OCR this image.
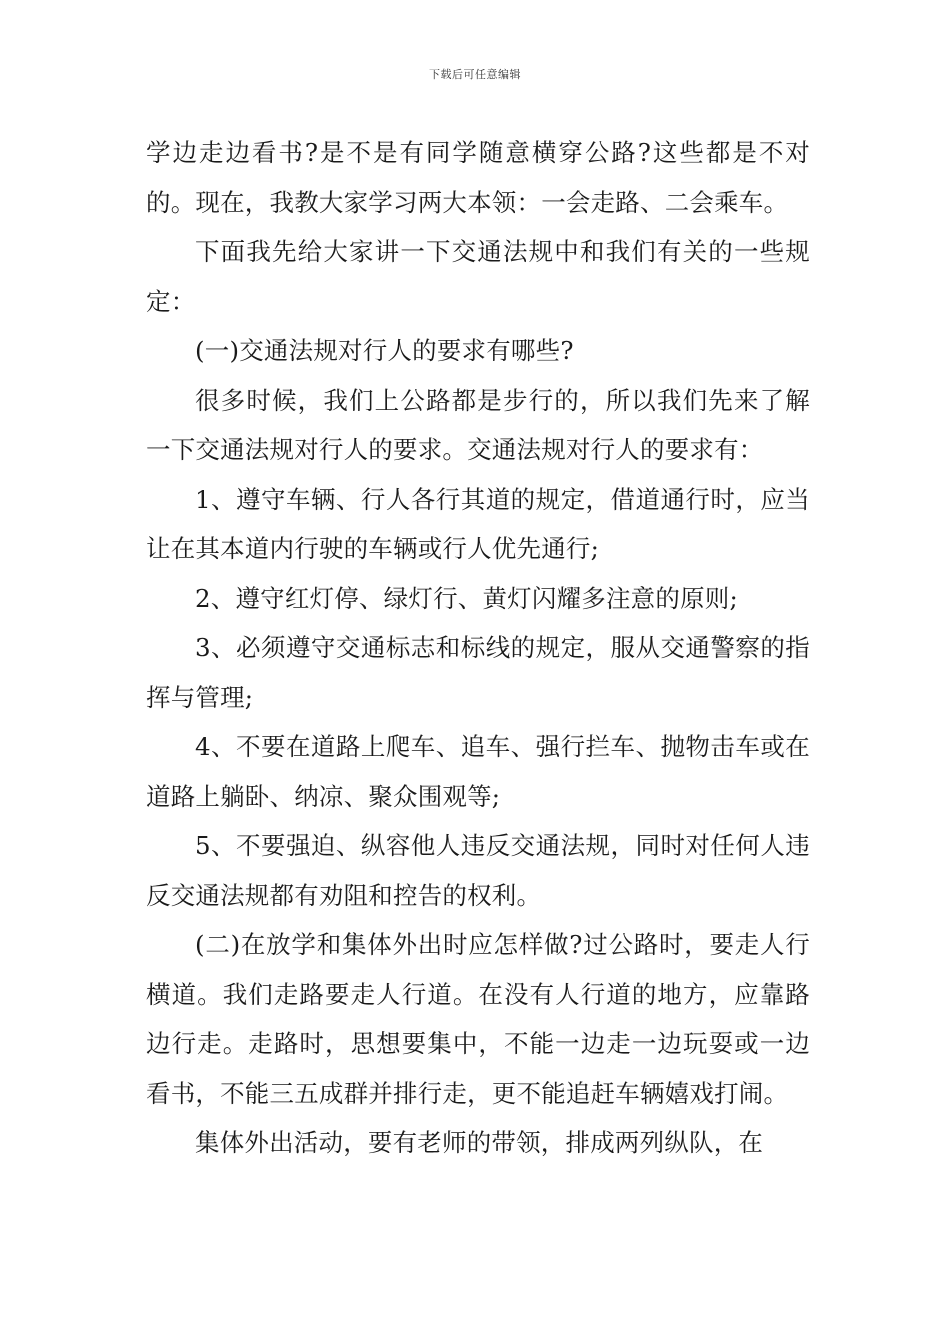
下载后可任意编辑

学边走边看书?是不是有同学随意横穿公路?这些都是不对的。现在，我教大家学习两大本领：一会走路、二会乘车。

下面我先给大家讲一下交通法规中和我们有关的一些规定：

(一)交通法规对行人的要求有哪些?

很多时候，我们上公路都是步行的，所以我们先来了解一下交通法规对行人的要求。交通法规对行人的要求有：

1、遵守车辆、行人各行其道的规定，借道通行时，应当让在其本道内行驶的车辆或行人优先通行;

2、遵守红灯停、绿灯行、黄灯闪耀多注意的原则;

3、必须遵守交通标志和标线的规定，服从交通警察的指挥与管理;

4、不要在道路上爬车、追车、强行拦车、抛物击车或在道路上躺卧、纳凉、聚众围观等;

5、不要强迫、纵容他人违反交通法规，同时对任何人违反交通法规都有劝阻和控告的权利。

(二)在放学和集体外出时应怎样做?过公路时，要走人行横道。我们走路要走人行道。在没有人行道的地方，应靠路边行走。走路时，思想要集中，不能一边走一边玩耍或一边看书，不能三五成群并排行走，更不能追赶车辆嬉戏打闹。

集体外出活动，要有老师的带领，排成两列纵队，在
